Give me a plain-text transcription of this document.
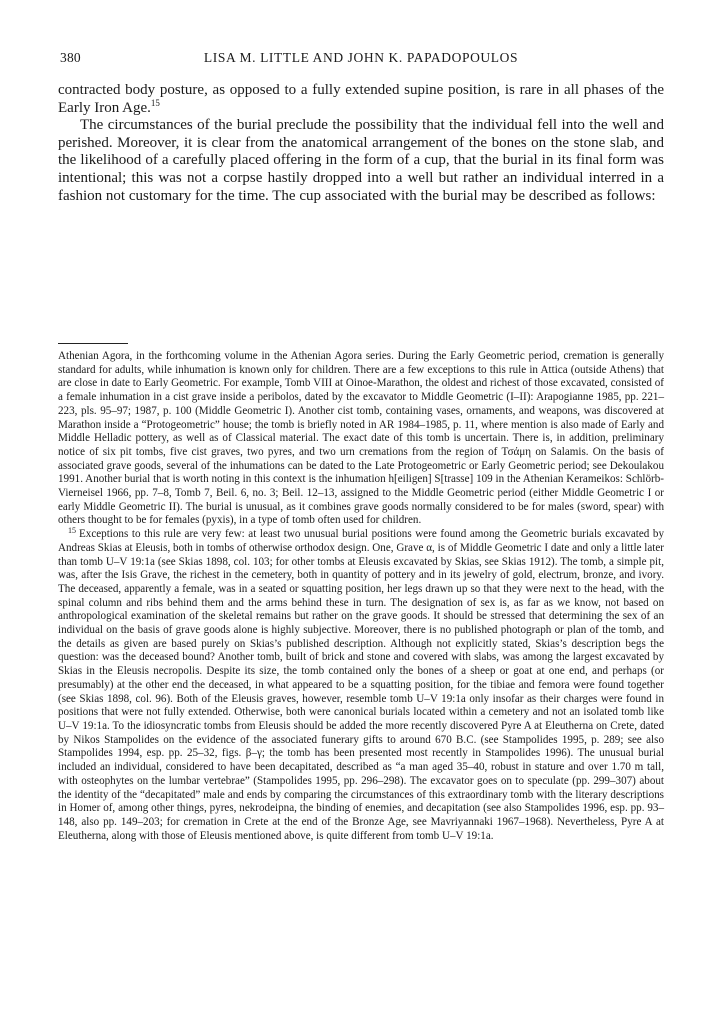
380	LISA M. LITTLE AND JOHN K. PAPADOPOULOS

contracted body posture, as opposed to a fully extended supine position, is rare in all phases of the Early Iron Age.$^{15}$

The circumstances of the burial preclude the possibility that the individual fell into the well and perished. Moreover, it is clear from the anatomical arrangement of the bones on the stone slab, and the likelihood of a carefully placed offering in the form of a cup, that the burial in its final form was intentional; this was not a corpse hastily dropped into a well but rather an individual interred in a fashion not customary for the time. The cup associated with the burial may be described as follows:

Athenian Agora, in the forthcoming volume in the Athenian Agora series. During the Early Geometric period, cremation is generally standard for adults, while inhumation is known only for children. There are a few exceptions to this rule in Attica (outside Athens) that are close in date to Early Geometric. For example, Tomb VIII at Oinoe-Marathon, the oldest and richest of those excavated, consisted of a female inhumation in a cist grave inside a peribolos, dated by the excavator to Middle Geometric (I–II): Arapogianne 1985, pp. 221–223, pls. 95–97; 1987, p. 100 (Middle Geometric I). Another cist tomb, containing vases, ornaments, and weapons, was discovered at Marathon inside a “Protogeometric” house; the tomb is briefly noted in AR 1984–1985, p. 11, where mention is also made of Early and Middle Helladic pottery, as well as of Classical material. The exact date of this tomb is uncertain. There is, in addition, preliminary notice of six pit tombs, five cist graves, two pyres, and two urn cremations from the region of Τσάμη on Salamis. On the basis of associated grave goods, several of the inhumations can be dated to the Late Protogeometric or Early Geometric period; see Dekoulakou 1991. Another burial that is worth noting in this context is the inhumation h[eiligen] S[trasse] 109 in the Athenian Kerameikos: Schlörb-Vierneisel 1966, pp. 7–8, Tomb 7, Beil. 6, no. 3; Beil. 12–13, assigned to the Middle Geometric period (either Middle Geometric I or early Middle Geometric II). The burial is unusual, as it combines grave goods normally considered to be for males (sword, spear) with others thought to be for females (pyxis), in a type of tomb often used for children.

$^{15}$ Exceptions to this rule are very few: at least two unusual burial positions were found among the Geometric burials excavated by Andreas Skias at Eleusis, both in tombs of otherwise orthodox design. One, Grave α, is of Middle Geometric I date and only a little later than tomb U–V 19:1a (see Skias 1898, col. 103; for other tombs at Eleusis excavated by Skias, see Skias 1912). The tomb, a simple pit, was, after the Isis Grave, the richest in the cemetery, both in quantity of pottery and in its jewelry of gold, electrum, bronze, and ivory. The deceased, apparently a female, was in a seated or squatting position, her legs drawn up so that they were next to the head, with the spinal column and ribs behind them and the arms behind these in turn. The designation of sex is, as far as we know, not based on anthropological examination of the skeletal remains but rather on the grave goods. It should be stressed that determining the sex of an individual on the basis of grave goods alone is highly subjective. Moreover, there is no published photograph or plan of the tomb, and the details as given are based purely on Skias’s published description. Although not explicitly stated, Skias’s description begs the question: was the deceased bound? Another tomb, built of brick and stone and covered with slabs, was among the largest excavated by Skias in the Eleusis necropolis. Despite its size, the tomb contained only the bones of a sheep or goat at one end, and perhaps (or presumably) at the other end the deceased, in what appeared to be a squatting position, for the tibiae and femora were found together (see Skias 1898, col. 96). Both of the Eleusis graves, however, resemble tomb U–V 19:1a only insofar as their charges were found in positions that were not fully extended. Otherwise, both were canonical burials located within a cemetery and not an isolated tomb like U–V 19:1a. To the idiosyncratic tombs from Eleusis should be added the more recently discovered Pyre A at Eleutherna on Crete, dated by Nikos Stampolides on the evidence of the associated funerary gifts to around 670 B.C. (see Stampolides 1995, p. 289; see also Stampolides 1994, esp. pp. 25–32, figs. β–γ; the tomb has been presented most recently in Stampolides 1996). The unusual burial included an individual, considered to have been decapitated, described as “a man aged 35–40, robust in stature and over 1.70 m tall, with osteophytes on the lumbar vertebrae” (Stampolides 1995, pp. 296–298). The excavator goes on to speculate (pp. 299–307) about the identity of the “decapitated” male and ends by comparing the circumstances of this extraordinary tomb with the literary descriptions in Homer of, among other things, pyres, nekrodeipna, the binding of enemies, and decapitation (see also Stampolides 1996, esp. pp. 93–148, also pp. 149–203; for cremation in Crete at the end of the Bronze Age, see Mavriyannaki 1967–1968). Nevertheless, Pyre A at Eleutherna, along with those of Eleusis mentioned above, is quite different from tomb U–V 19:1a.
